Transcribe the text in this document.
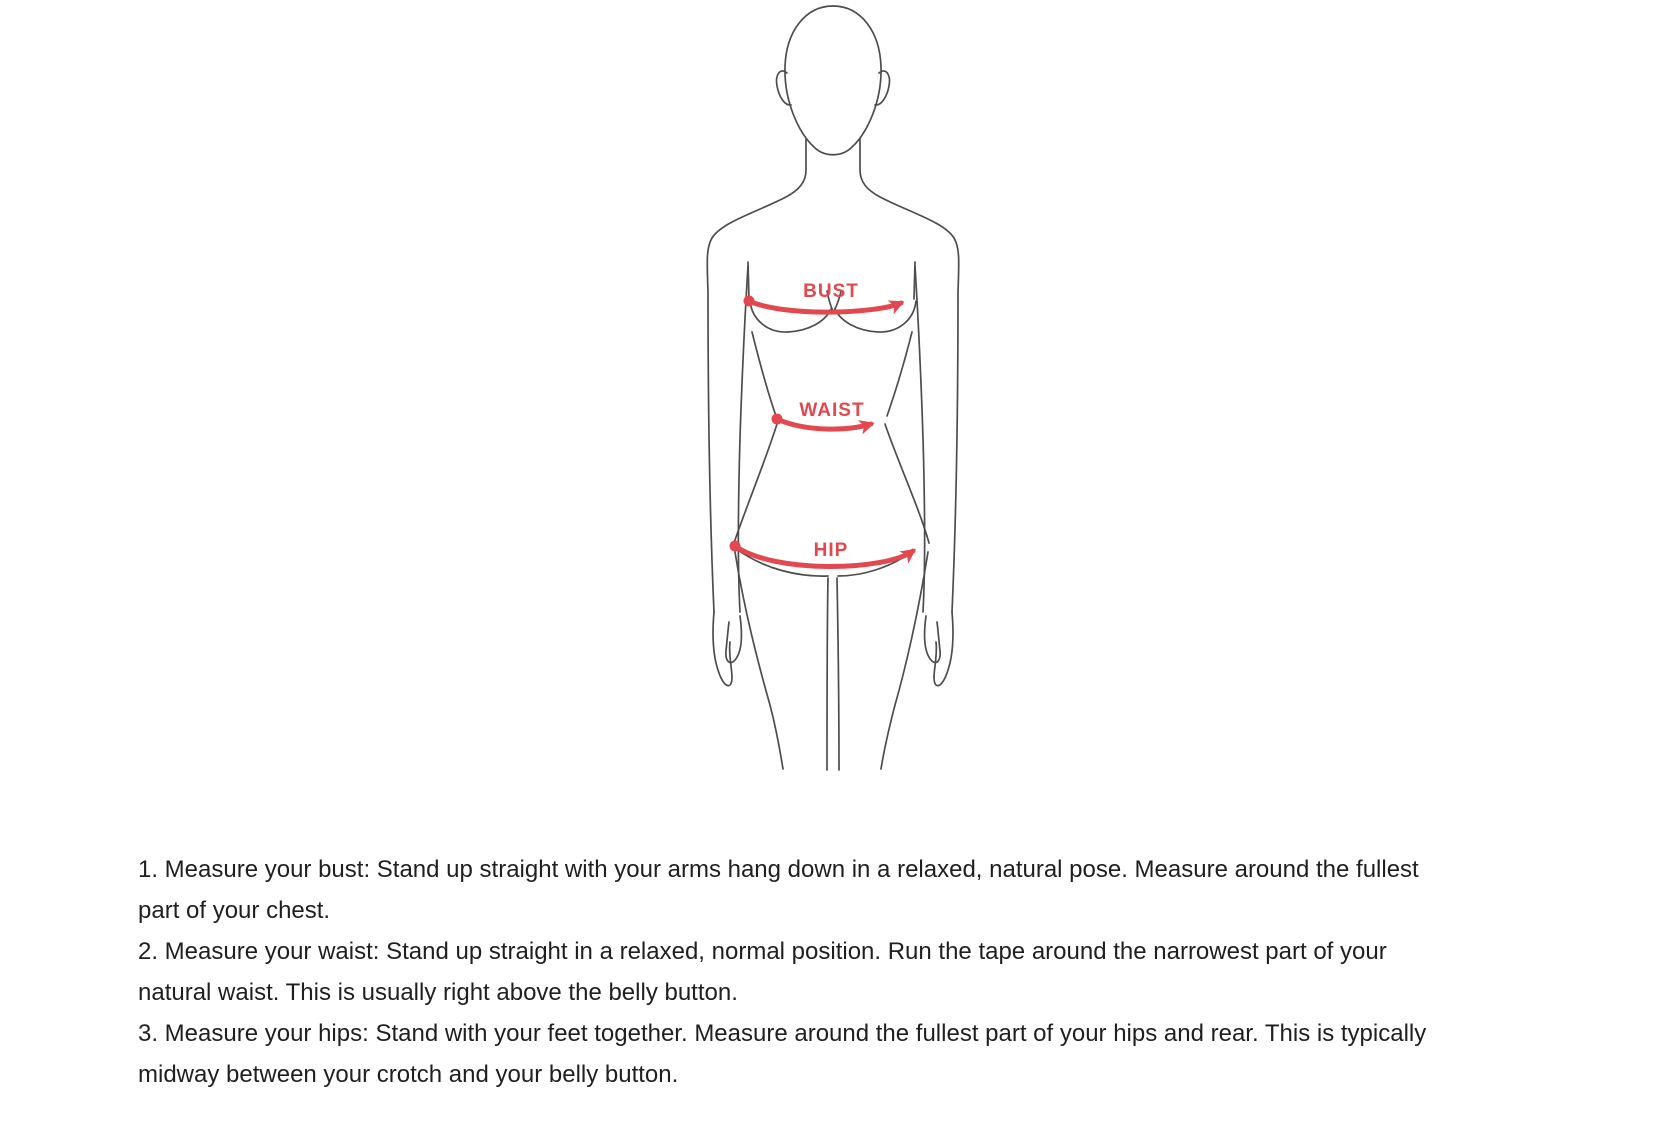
BUST
WAIST
HIP

1. Measure your bust: Stand up straight with your arms hang down in a relaxed, natural pose. Measure around the fullest

part of your chest.

2. Measure your waist: Stand up straight in a relaxed, normal position. Run the tape around the narrowest part of your

natural waist. This is usually right above the belly button.

3. Measure your hips: Stand with your feet together. Measure around the fullest part of your hips and rear. This is typically

midway between your crotch and your belly button.
